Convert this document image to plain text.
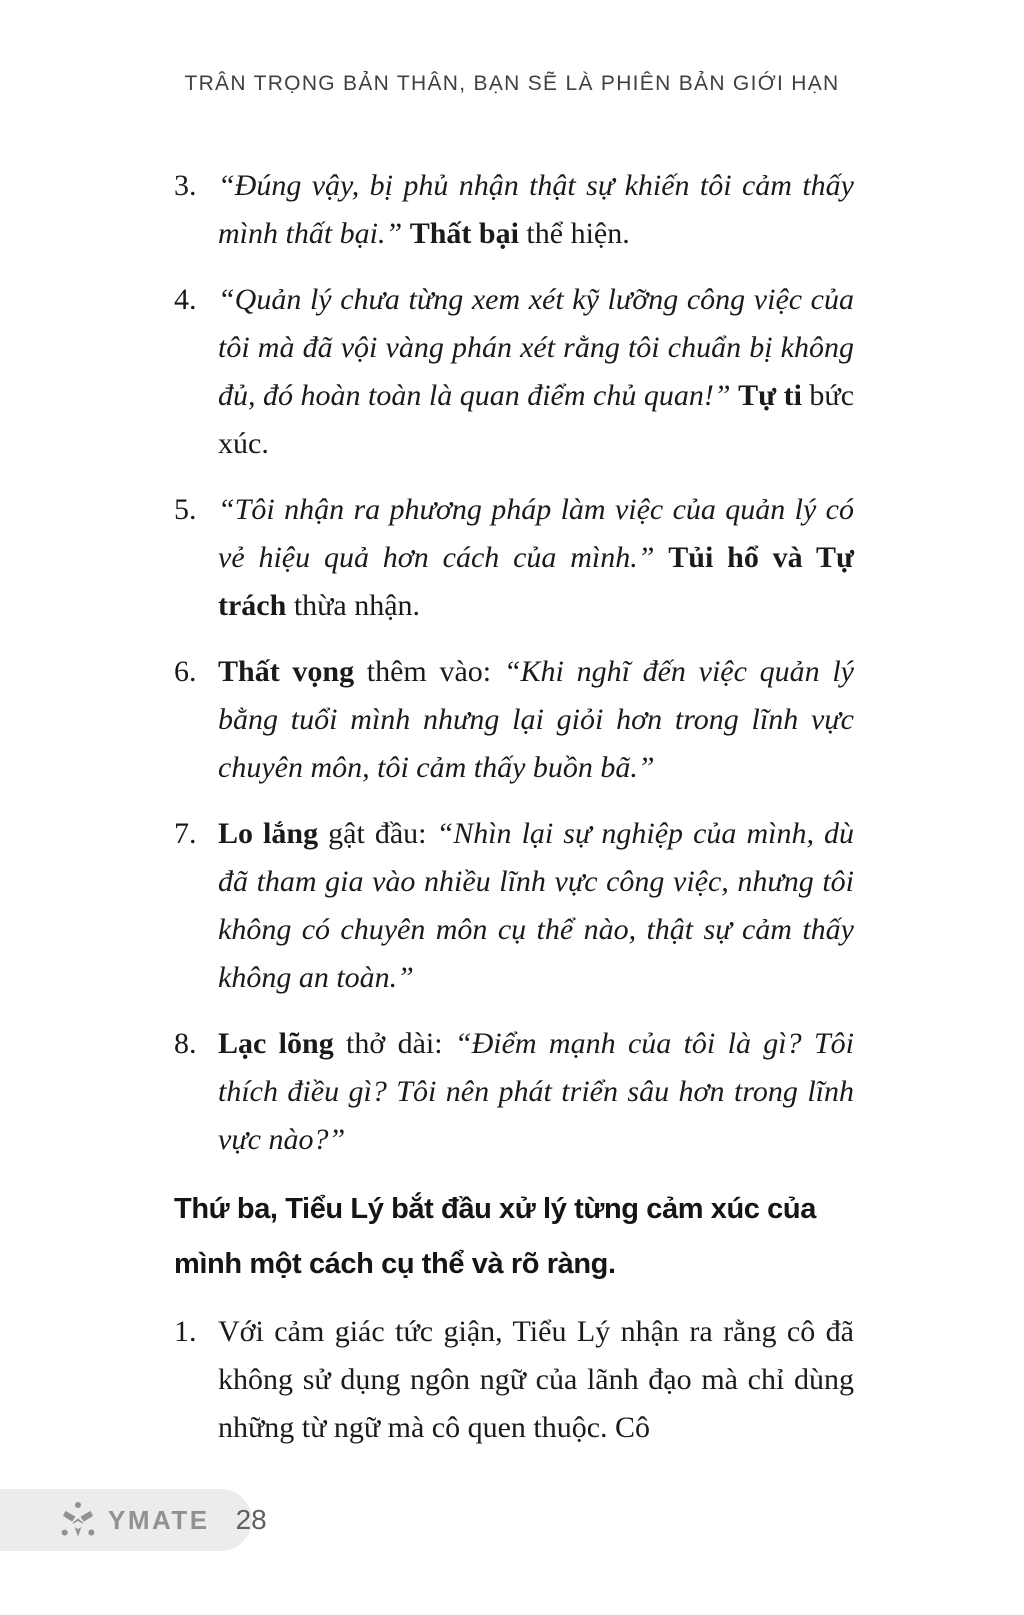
TRÂN TRỌNG BẢN THÂN, BẠN SẼ LÀ PHIÊN BẢN GIỚI HẠN
3. “Đúng vậy, bị phủ nhận thật sự khiến tôi cảm thấy mình thất bại.” Thất bại thể hiện.
4. “Quản lý chưa từng xem xét kỹ lưỡng công việc của tôi mà đã vội vàng phán xét rằng tôi chuẩn bị không đủ, đó hoàn toàn là quan điểm chủ quan!” Tự ti bức xúc.
5. “Tôi nhận ra phương pháp làm việc của quản lý có vẻ hiệu quả hơn cách của mình.” Tủi hổ và Tự trách thừa nhận.
6. Thất vọng thêm vào: “Khi nghĩ đến việc quản lý bằng tuổi mình nhưng lại giỏi hơn trong lĩnh vực chuyên môn, tôi cảm thấy buồn bã.”
7. Lo lắng gật đầu: “Nhìn lại sự nghiệp của mình, dù đã tham gia vào nhiều lĩnh vực công việc, nhưng tôi không có chuyên môn cụ thể nào, thật sự cảm thấy không an toàn.”
8. Lạc lõng thở dài: “Điểm mạnh của tôi là gì? Tôi thích điều gì? Tôi nên phát triển sâu hơn trong lĩnh vực nào?”
Thứ ba, Tiểu Lý bắt đầu xử lý từng cảm xúc của mình một cách cụ thể và rõ ràng.
1. Với cảm giác tức giận, Tiểu Lý nhận ra rằng cô đã không sử dụng ngôn ngữ của lãnh đạo mà chỉ dùng những từ ngữ mà cô quen thuộc. Cô
YMATE 28
